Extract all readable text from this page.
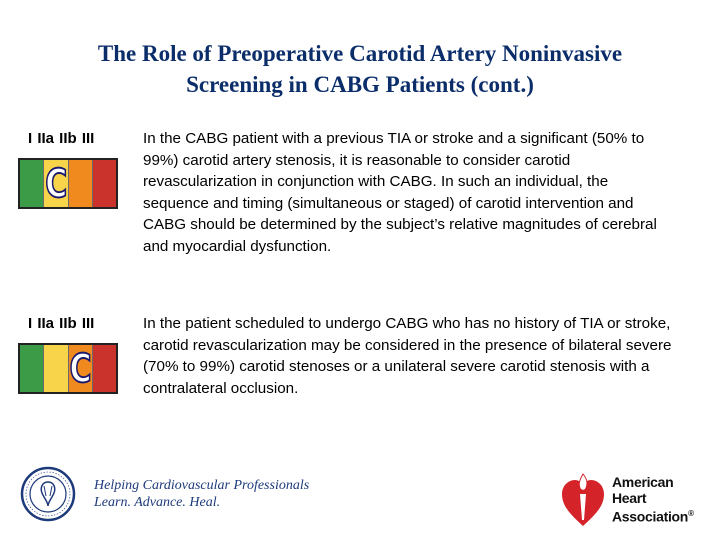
The Role of Preoperative Carotid Artery Noninvasive
Screening in CABG Patients (cont.)
I IIa IIb III
C
In the CABG patient with a previous TIA or stroke and a significant (50% to 99%) carotid artery stenosis, it is reasonable to consider carotid revascularization in conjunction with CABG. In such an individual, the sequence and timing (simultaneous or staged) of carotid intervention and CABG should be determined by the subject’s relative magnitudes of cerebral and myocardial dysfunction.
I IIa IIb III
C
In the patient scheduled to undergo CABG who has no history of TIA or stroke, carotid revascularization may be considered in the presence of bilateral severe (70% to 99%) carotid stenoses or a unilateral severe carotid stenosis with a contralateral occlusion.
Helping Cardiovascular Professionals
Learn. Advance. Heal.
American
Heart
Association®
